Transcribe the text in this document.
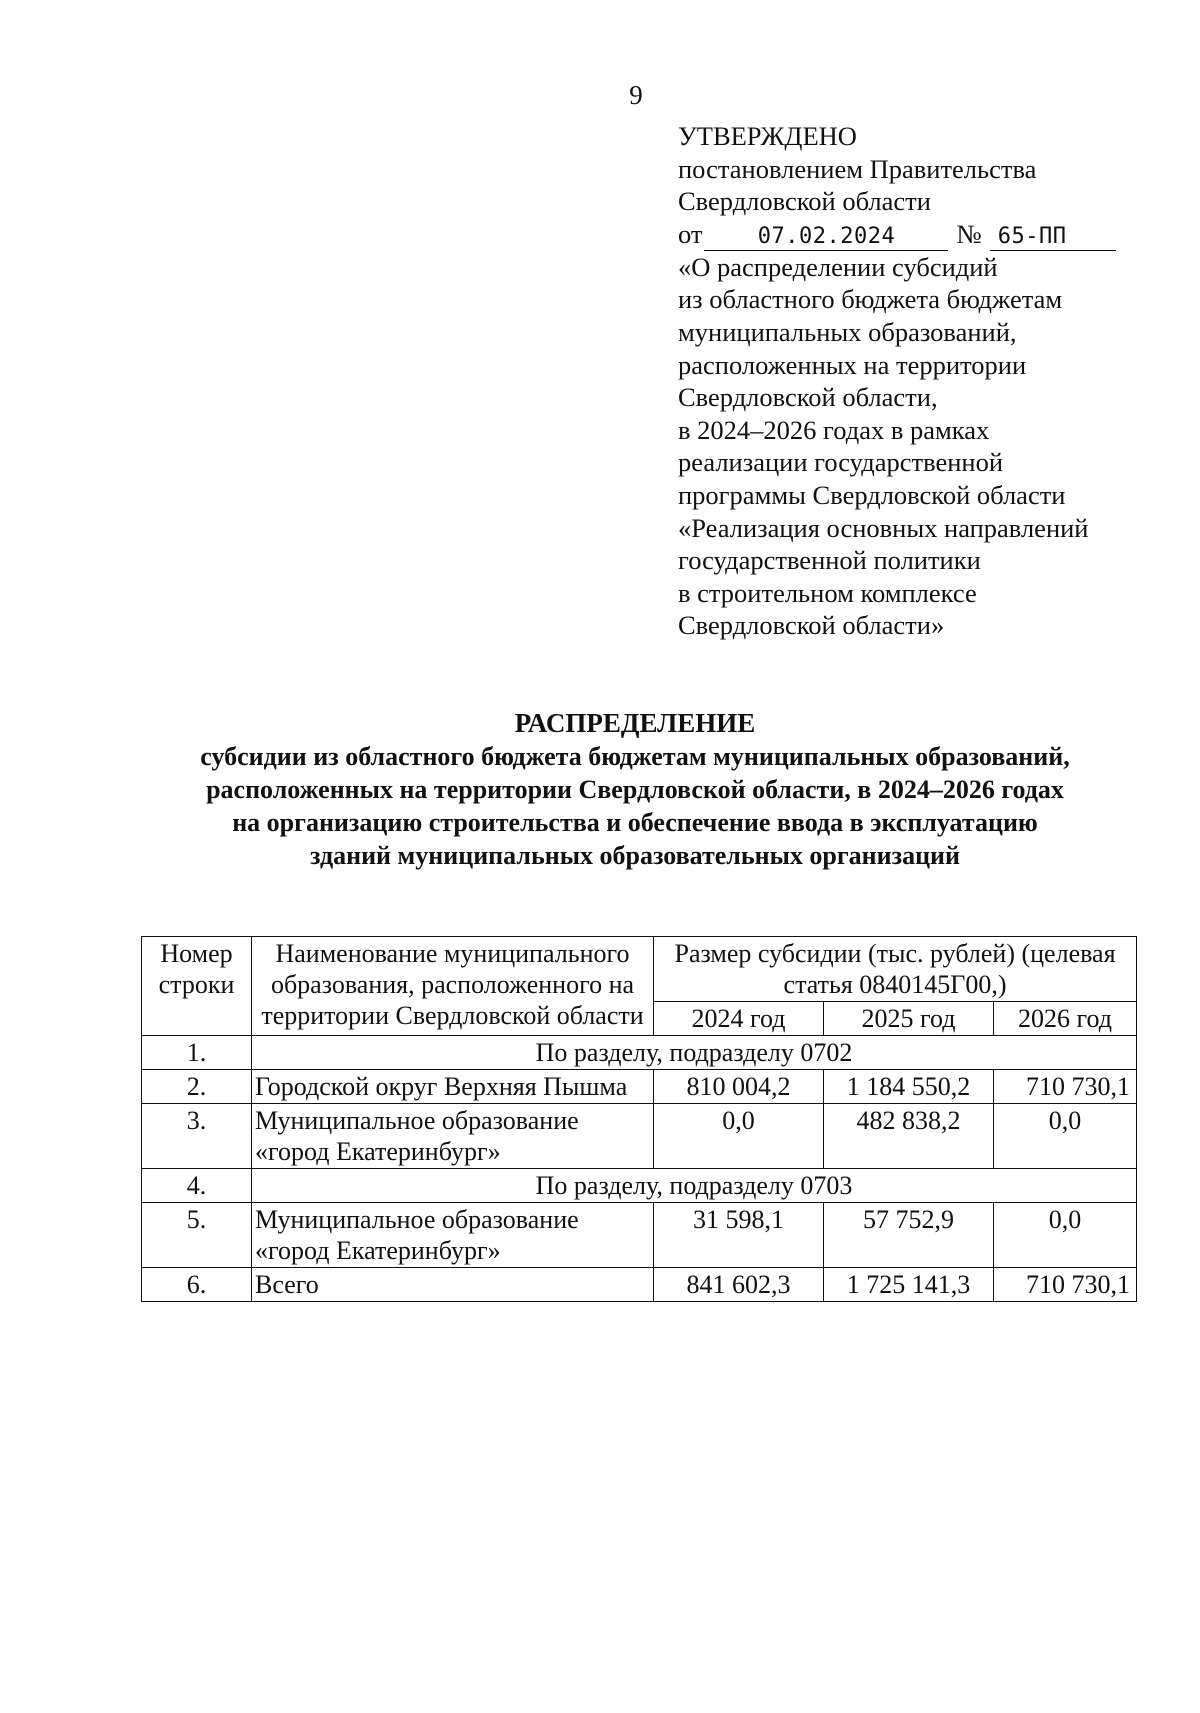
9
УТВЕРЖДЕНО
постановлением Правительства
Свердловской области
от	07.02.2024	№ 65-ПП
«О распределении субсидий
из областного бюджета бюджетам
муниципальных образований,
расположенных на территории
Свердловской области,
в 2024–2026 годах в рамках
реализации государственной
программы Свердловской области
«Реализация основных направлений
государственной политики
в строительном комплексе
Свердловской области»
РАСПРЕДЕЛЕНИЕ
субсидии из областного бюджета бюджетам муниципальных образований,
расположенных на территории Свердловской области, в 2024–2026 годах
на организацию строительства и обеспечение ввода в эксплуатацию
зданий муниципальных образовательных организаций
Номер строки	Наименование муниципального образования, расположенного на территории Свердловской области	Размер субсидии (тыс. рублей) (целевая статья 0840145Г00,)		
		2024 год	2025 год	2026 год
1.	По разделу, подразделу 0702			
2.	Городской округ Верхняя Пышма	810 004,2	1 184 550,2	710 730,1
3.	Муниципальное образование «город Екатеринбург»	0,0	482 838,2	0,0
4.	По разделу, подразделу 0703			
5.	Муниципальное образование «город Екатеринбург»	31 598,1	57 752,9	0,0
6.	Всего	841 602,3	1 725 141,3	710 730,1
